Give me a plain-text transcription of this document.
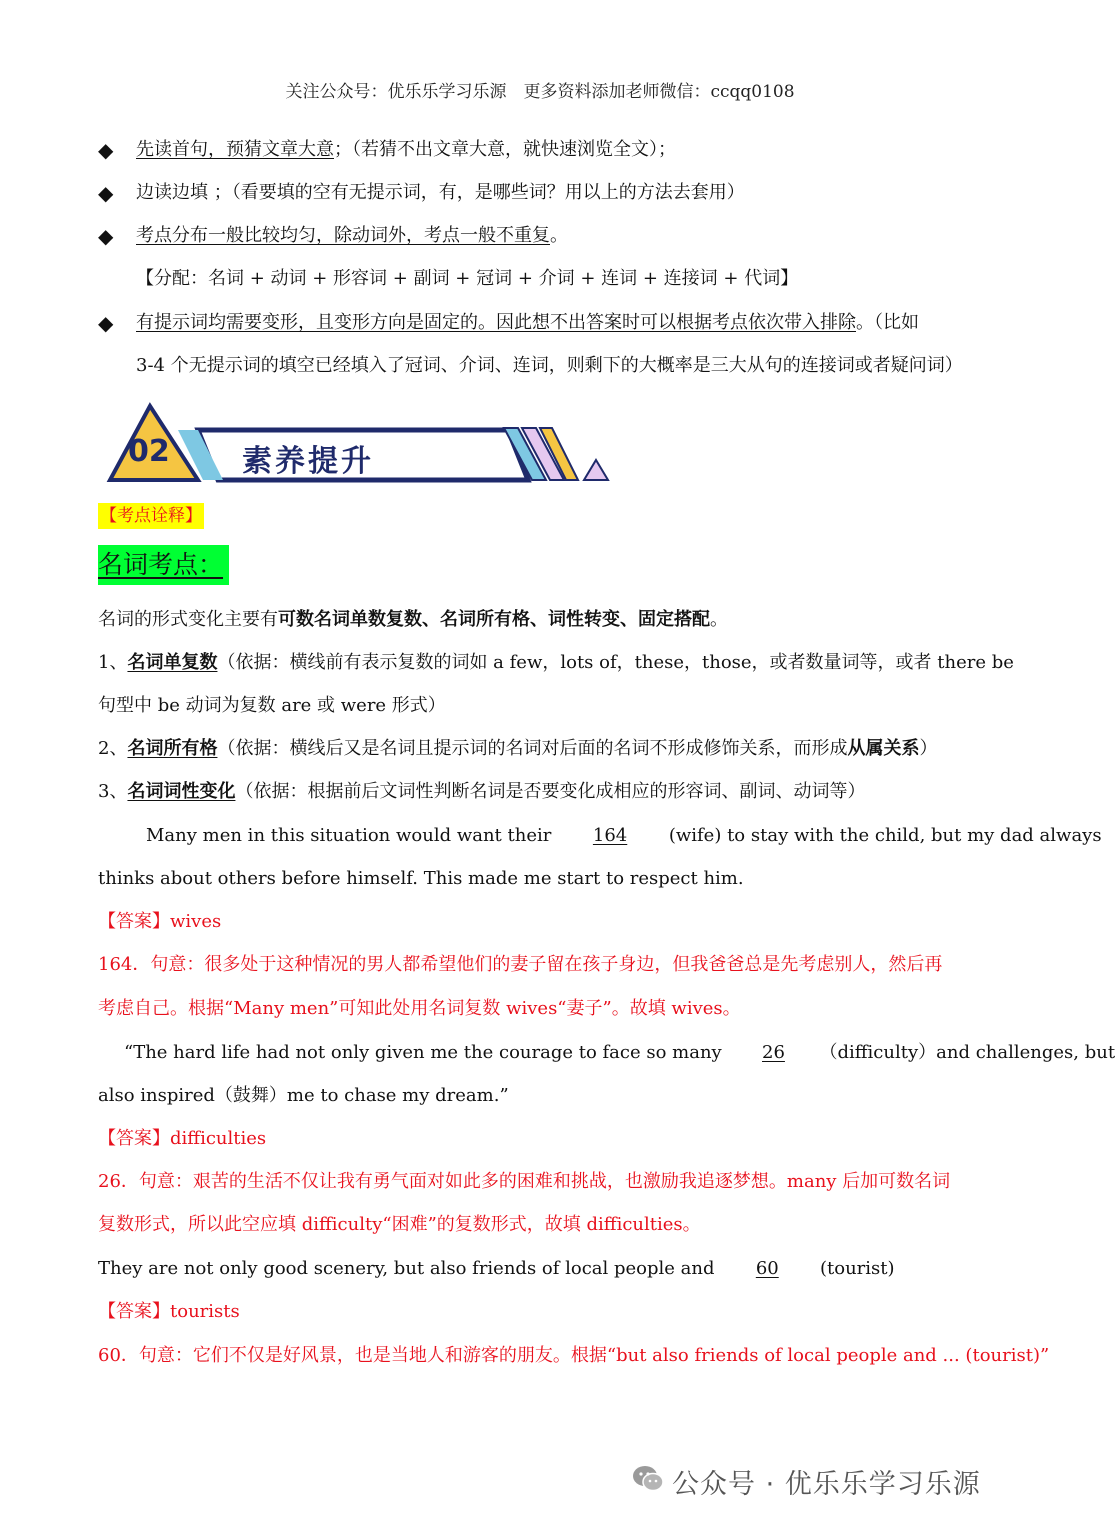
关注公众号：优乐乐学习乐源　更多资料添加老师微信：ccqq0108
◆ 先读首句，预猜文章大意；（若猜不出文章大意，就快速浏览全文）；
◆ 边读边填 ；（看要填的空有无提示词，有，是哪些词？用以上的方法去套用）
◆ 考点分布一般比较均匀，除动词外，考点一般不重复。
【分配：名词 + 动词 + 形容词 + 副词 + 冠词 + 介词 + 连词 + 连接词 + 代词】
◆ 有提示词均需要变形，且变形方向是固定的。因此想不出答案时可以根据考点依次带入排除。（比如
3-4 个无提示词的填空已经填入了冠词、介词、连词，则剩下的大概率是三大从句的连接词或者疑问词）
02 素养提升
【考点诠释】
名词考点：
名词的形式变化主要有可数名词单数复数、名词所有格、词性转变、固定搭配。
1、名词单复数（依据：横线前有表示复数的词如 a few，lots of，these，those，或者数量词等，或者 there be
句型中 be 动词为复数 are 或 were 形式）
2、名词所有格（依据：横线后又是名词且提示词的名词对后面的名词不形成修饰关系，而形成从属关系）
3、名词词性变化（依据：根据前后文词性判断名词是否要变化成相应的形容词、副词、动词等）
Many men in this situation would want their 164 (wife) to stay with the child, but my dad always
thinks about others before himself. This made me start to respect him.
【答案】wives
164．句意：很多处于这种情况的男人都希望他们的妻子留在孩子身边，但我爸爸总是先考虑别人，然后再
考虑自己。根据“Many men”可知此处用名词复数 wives“妻子”。故填 wives。
“The hard life had not only given me the courage to face so many 26 （difficulty）and challenges, but
also inspired（鼓舞）me to chase my dream.”
【答案】difficulties
26．句意：艰苦的生活不仅让我有勇气面对如此多的困难和挑战，也激励我追逐梦想。many 后加可数名词
复数形式，所以此空应填 difficulty“困难”的复数形式，故填 difficulties。
They are not only good scenery, but also friends of local people and 60 (tourist)
【答案】tourists
60．句意：它们不仅是好风景，也是当地人和游客的朋友。根据“but also friends of local people and ... (tourist)”
公众号 · 优乐乐学习乐源
